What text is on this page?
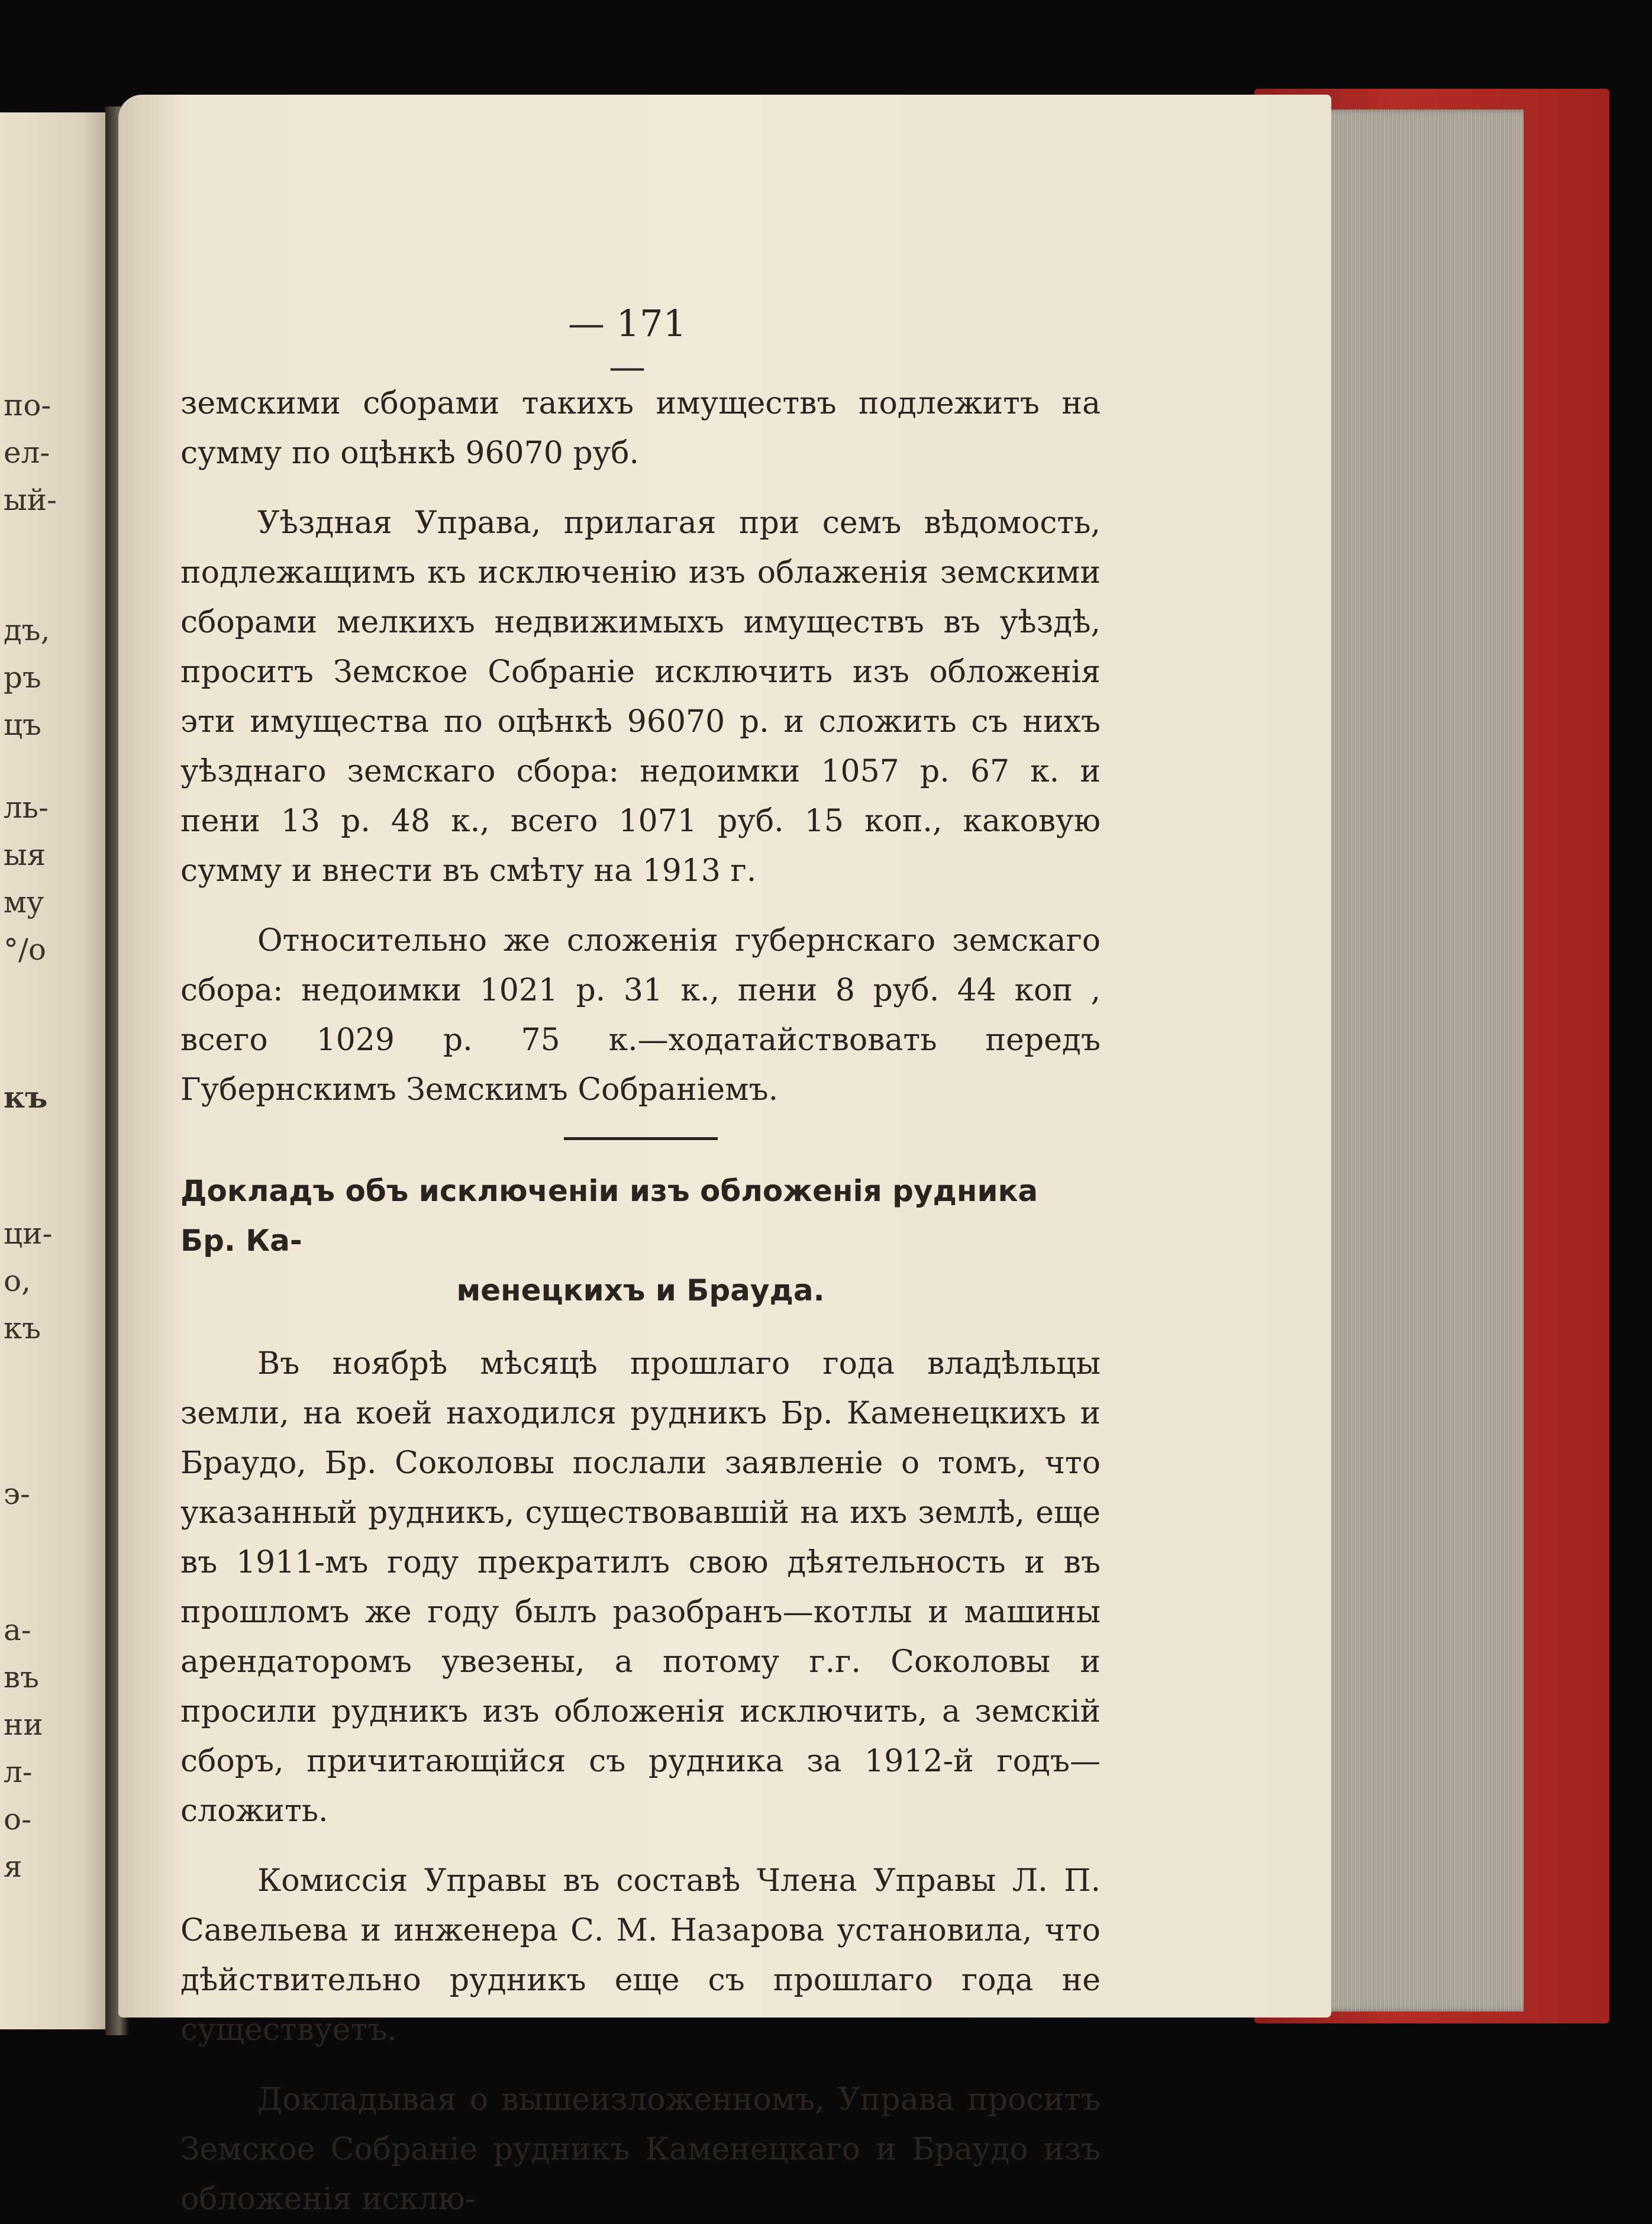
по-
ел-
ый-
дъ,
ръ
цъ
ль-
ыя
му
°/о
къ
ци-
о,
къ
э-
а-
въ
ни
л-
о-
я
— 171 —

земскими сборами такихъ имуществъ подлежитъ на сумму по оцѣнкѣ 96070 руб.

Уѣздная Управа, прилагая при семъ вѣдомость, подлежащимъ къ исключенію изъ облаженія земскими сборами мелкихъ недвижимыхъ имуществъ въ уѣздѣ, проситъ Земское Собраніе исключить изъ обложенія эти имущества по оцѣнкѣ 96070 р. и сложить съ нихъ уѣзднаго земскаго сбора: недоимки 1057 р. 67 к. и пени 13 р. 48 к., всего 1071 руб. 15 коп., каковую сумму и внести въ смѣту на 1913 г.

Относительно же сложенія губернскаго земскаго сбора: недоимки 1021 р. 31 к., пени 8 руб. 44 коп , всего 1029 р. 75 к.—ходатайствовать передъ Губернскимъ Земскимъ Собраніемъ.

Докладъ объ исключеніи изъ обложенія рудника Бр. Ка-
менецкихъ и Брауда.

Въ ноябрѣ мѣсяцѣ прошлаго года владѣльцы земли, на коей находился рудникъ Бр. Каменецкихъ и Браудо, Бр. Соколовы послали заявленіе о томъ, что указанный рудникъ, существовавшій на ихъ землѣ, еще въ 1911-мъ году прекратилъ свою дѣятельность и въ прошломъ же году былъ разобранъ—котлы и машины арендаторомъ увезены, а потому г.г. Соколовы и просили рудникъ изъ обложенія исключить, а земскій сборъ, причитающійся съ рудника за 1912-й годъ—сложить.

Комиссія Управы въ составѣ Члена Управы Л. П. Савельева и инженера С. М. Назарова установила, что дѣйствительно рудникъ еще съ прошлаго года не существуетъ.

Докладывая о вышеизложенномъ, Управа проситъ Земское Собраніе рудникъ Каменецкаго и Браудо изъ обложенія исклю-
